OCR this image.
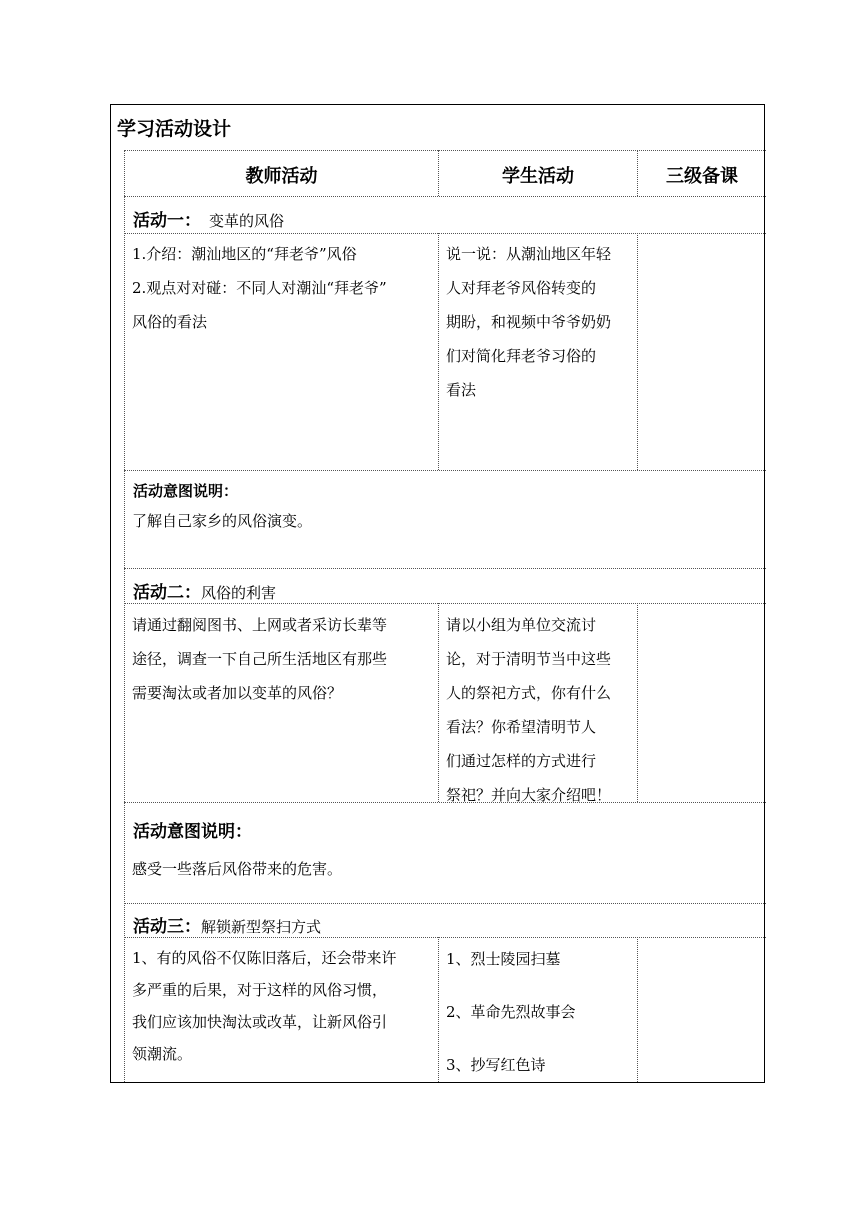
学习活动设计
教师活动	学生活动	三级备课
活动一： 变革的风俗
1.介绍：潮汕地区的“拜老爷”风俗
2.观点对对碰：不同人对潮汕“拜老爷”
风俗的看法
说一说：从潮汕地区年轻
人对拜老爷风俗转变的
期盼，和视频中爷爷奶奶
们对简化拜老爷习俗的
看法
活动意图说明：
了解自己家乡的风俗演变。
活动二：风俗的利害
请通过翻阅图书、上网或者采访长辈等
途径，调查一下自己所生活地区有那些
需要淘汰或者加以变革的风俗？
请以小组为单位交流讨
论，对于清明节当中这些
人的祭祀方式，你有什么
看法？你希望清明节人
们通过怎样的方式进行
祭祀？并向大家介绍吧！
活动意图说明：
感受一些落后风俗带来的危害。
活动三：解锁新型祭扫方式
1、有的风俗不仅陈旧落后，还会带来许
多严重的后果，对于这样的风俗习惯，
我们应该加快淘汰或改革，让新风俗引
领潮流。
1、烈士陵园扫墓
2、革命先烈故事会
3、抄写红色诗
